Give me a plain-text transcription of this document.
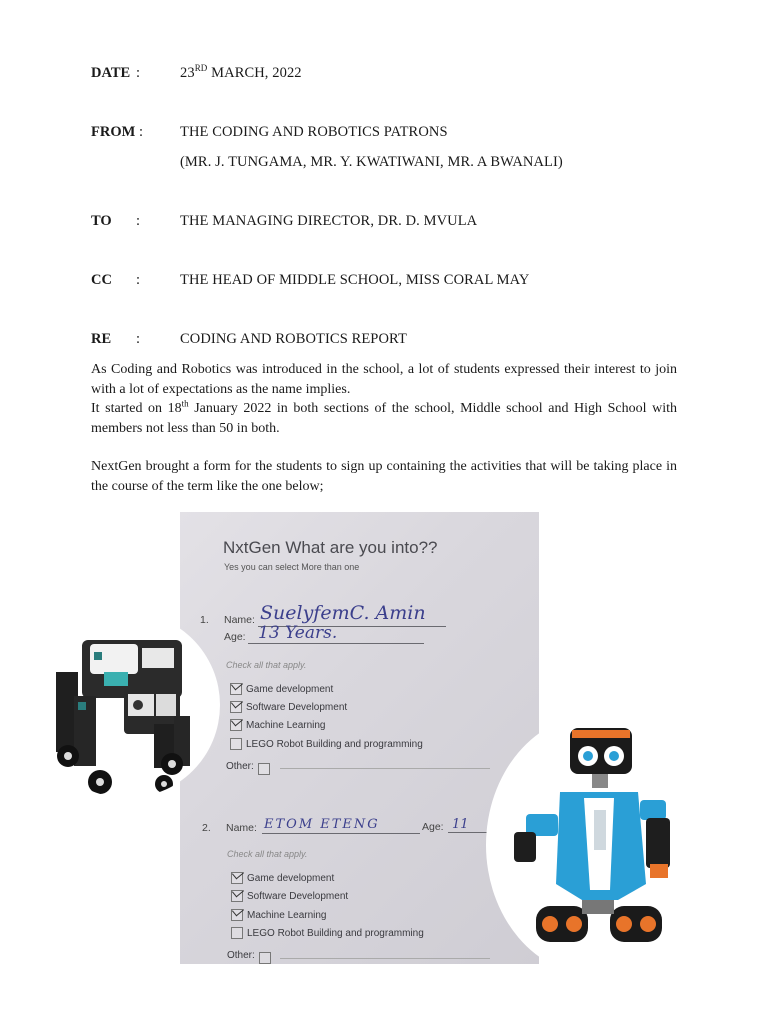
DATE :	23RD MARCH, 2022
FROM :	THE CODING AND ROBOTICS PATRONS
(MR. J. TUNGAMA, MR. Y. KWATIWANI, MR. A BWANALI)
TO :	THE MANAGING DIRECTOR, DR. D. MVULA
CC :	THE HEAD OF MIDDLE SCHOOL, MISS CORAL MAY
RE :	CODING AND ROBOTICS REPORT

As Coding and Robotics was introduced in the school, a lot of students expressed their interest to join with a lot of expectations as the name implies.

It started on 18th January 2022 in both sections of the school, Middle school and High School with members not less than 50 in both.

NextGen brought a form for the students to sign up containing the activities that will be taking place in the course of the term like the one below;

NxtGen What are you into??
Yes you can select More than one
1. Name: SuelyfemC. Amin
Age: 13 Years.
Check all that apply.
Game development
Software Development
Machine Learning
LEGO Robot Building and programming
Other:
2. Name: ETOM ETENG	Age: 11
Check all that apply.
Game development
Software Development
Machine Learning
LEGO Robot Building and programming
Other:
